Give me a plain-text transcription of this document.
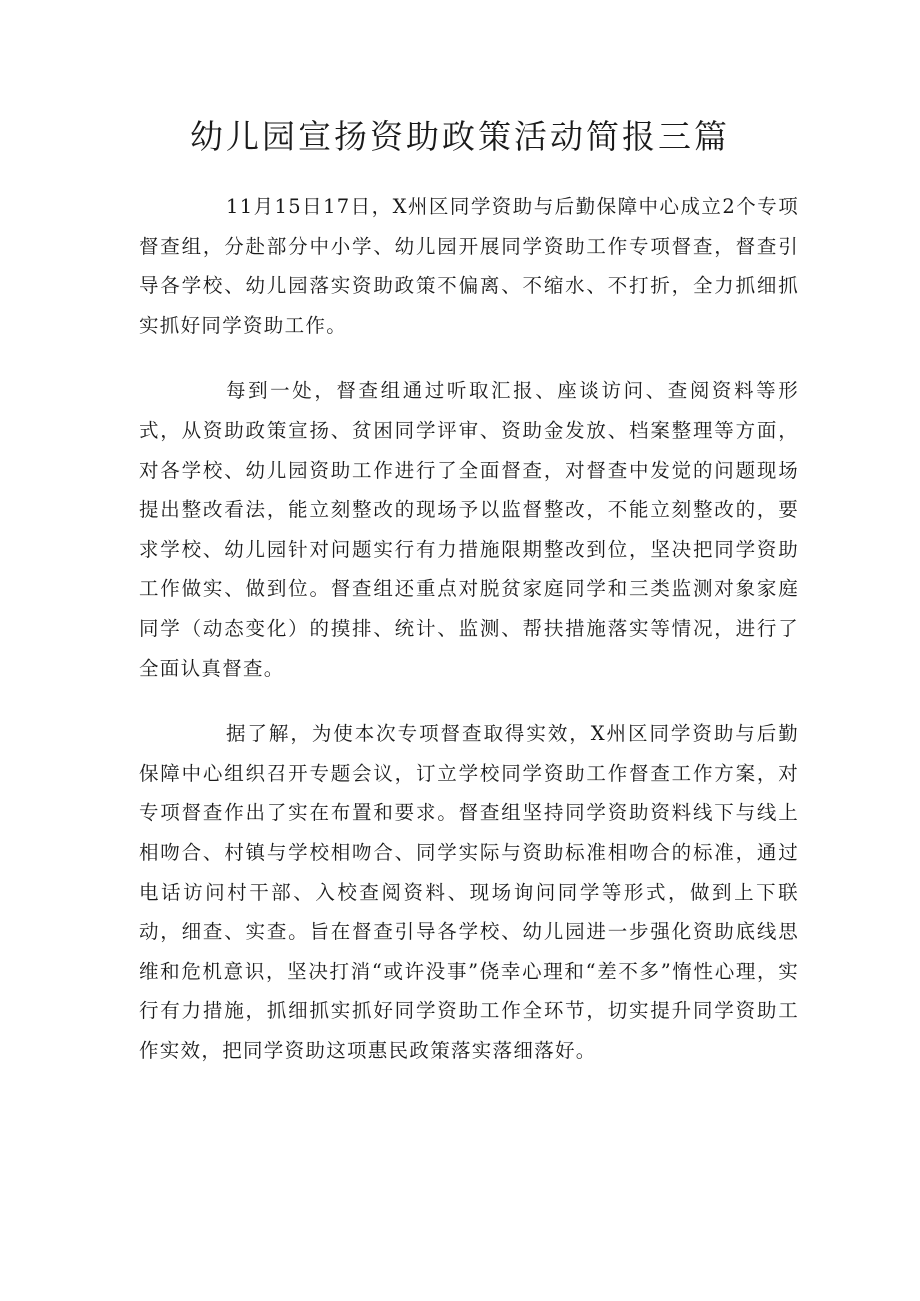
幼儿园宣扬资助政策活动简报三篇

11月15日17日，X州区同学资助与后勤保障中心成立2个专项督查组，分赴部分中小学、幼儿园开展同学资助工作专项督查，督查引导各学校、幼儿园落实资助政策不偏离、不缩水、不打折，全力抓细抓实抓好同学资助工作。

每到一处，督查组通过听取汇报、座谈访问、查阅资料等形式，从资助政策宣扬、贫困同学评审、资助金发放、档案整理等方面，对各学校、幼儿园资助工作进行了全面督查，对督查中发觉的问题现场提出整改看法，能立刻整改的现场予以监督整改，不能立刻整改的，要求学校、幼儿园针对问题实行有力措施限期整改到位，坚决把同学资助工作做实、做到位。督查组还重点对脱贫家庭同学和三类监测对象家庭同学（动态变化）的摸排、统计、监测、帮扶措施落实等情况，进行了全面认真督查。

据了解，为使本次专项督查取得实效，X州区同学资助与后勤保障中心组织召开专题会议，订立学校同学资助工作督查工作方案，对专项督查作出了实在布置和要求。督查组坚持同学资助资料线下与线上相吻合、村镇与学校相吻合、同学实际与资助标准相吻合的标准，通过电话访问村干部、入校查阅资料、现场询问同学等形式，做到上下联动，细查、实查。旨在督查引导各学校、幼儿园进一步强化资助底线思维和危机意识，坚决打消“或许没事”侥幸心理和“差不多”惰性心理，实行有力措施，抓细抓实抓好同学资助工作全环节，切实提升同学资助工作实效，把同学资助这项惠民政策落实落细落好。
